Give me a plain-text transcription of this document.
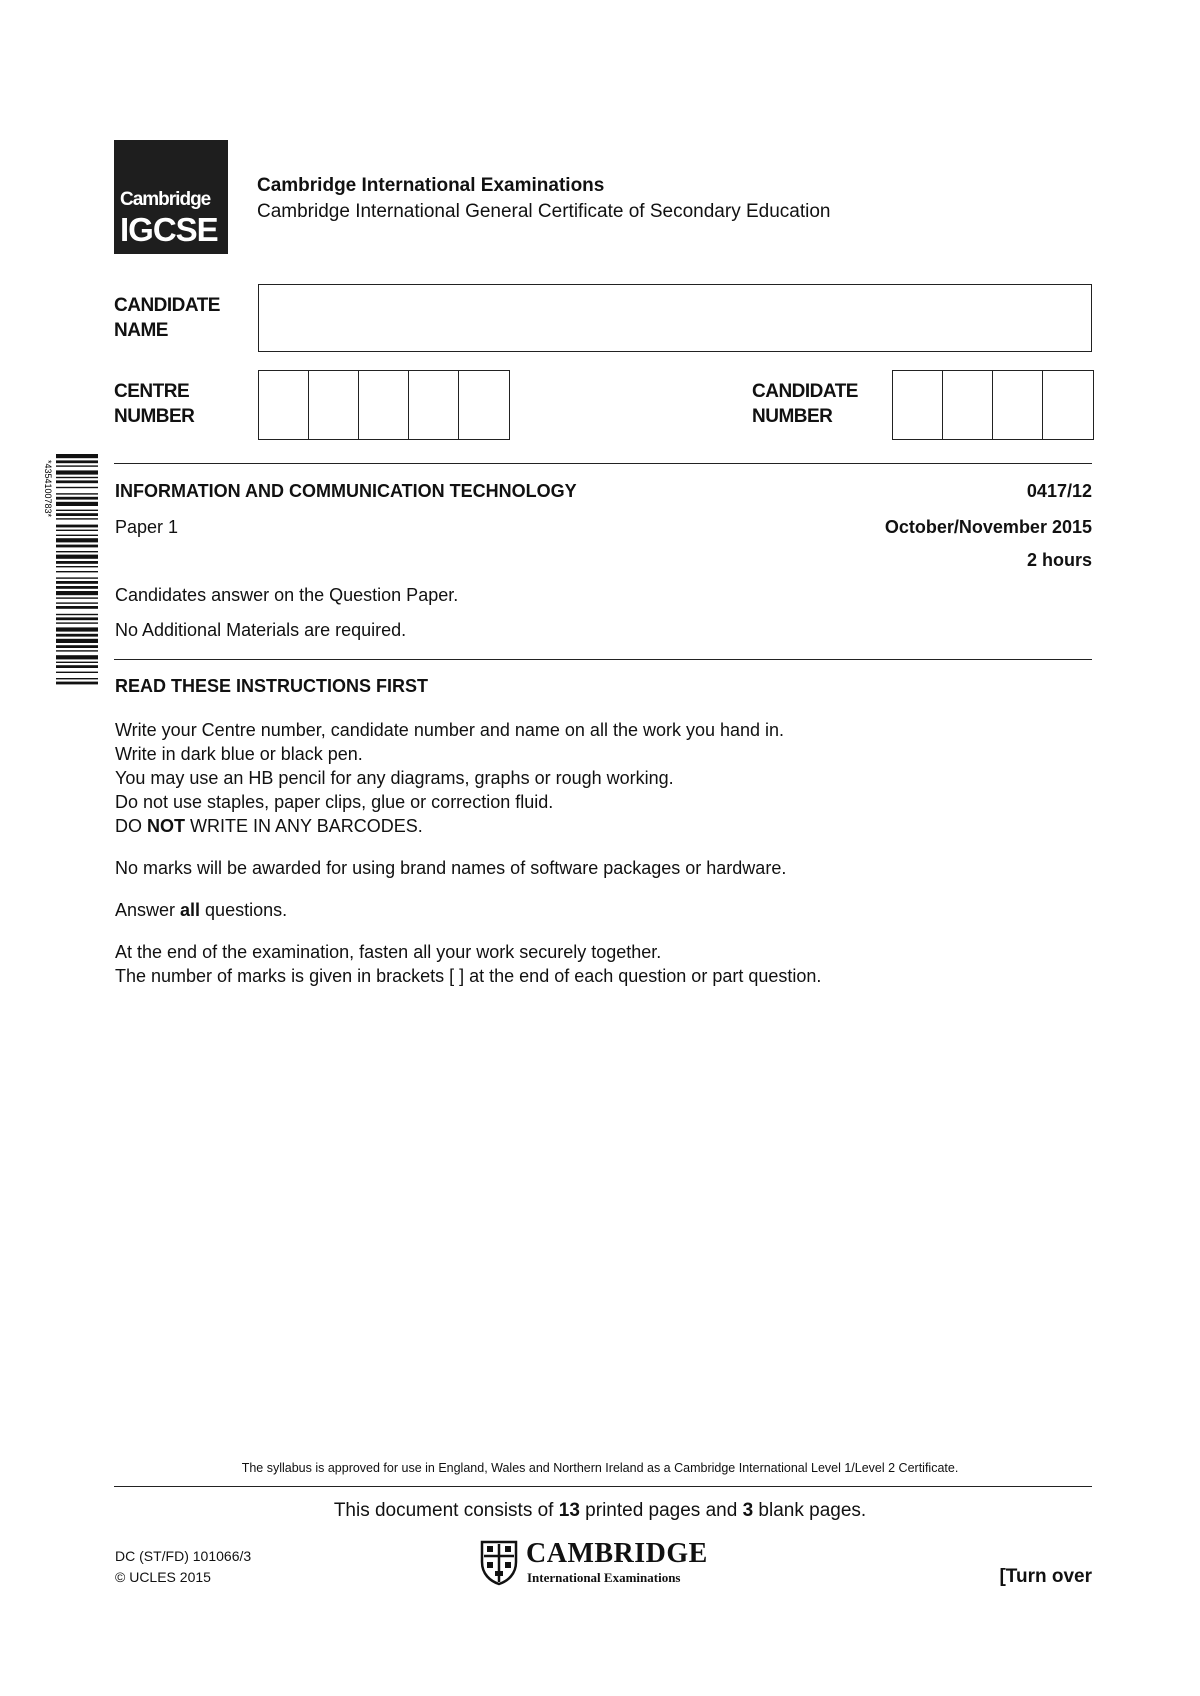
Cambridge
IGCSE
Cambridge International Examinations
Cambridge International General Certificate of Secondary Education
CANDIDATE
NAME
CENTRE
NUMBER
CANDIDATE
NUMBER
*4354100783*	INFORMATION AND COMMUNICATION TECHNOLOGY	0417/12
Paper 1	October/November 2015
2 hours
Candidates answer on the Question Paper.
No Additional Materials are required.
READ THESE INSTRUCTIONS FIRST

Write your Centre number, candidate number and name on all the work you hand in.

Write in dark blue or black pen.

You may use an HB pencil for any diagrams, graphs or rough working.

Do not use staples, paper clips, glue or correction fluid.

DO NOT WRITE IN ANY BARCODES.

No marks will be awarded for using brand names of software packages or hardware.

Answer all questions.

At the end of the examination, fasten all your work securely together.

The number of marks is given in brackets [ ] at the end of each question or part question.

The syllabus is approved for use in England, Wales and Northern Ireland as a Cambridge International Level 1/Level 2 Certificate.
This document consists of 13 printed pages and 3 blank pages.
DC (ST/FD) 101066/3
© UCLES 2015
CAMBRIDGE
International Examinations	[Turn over
